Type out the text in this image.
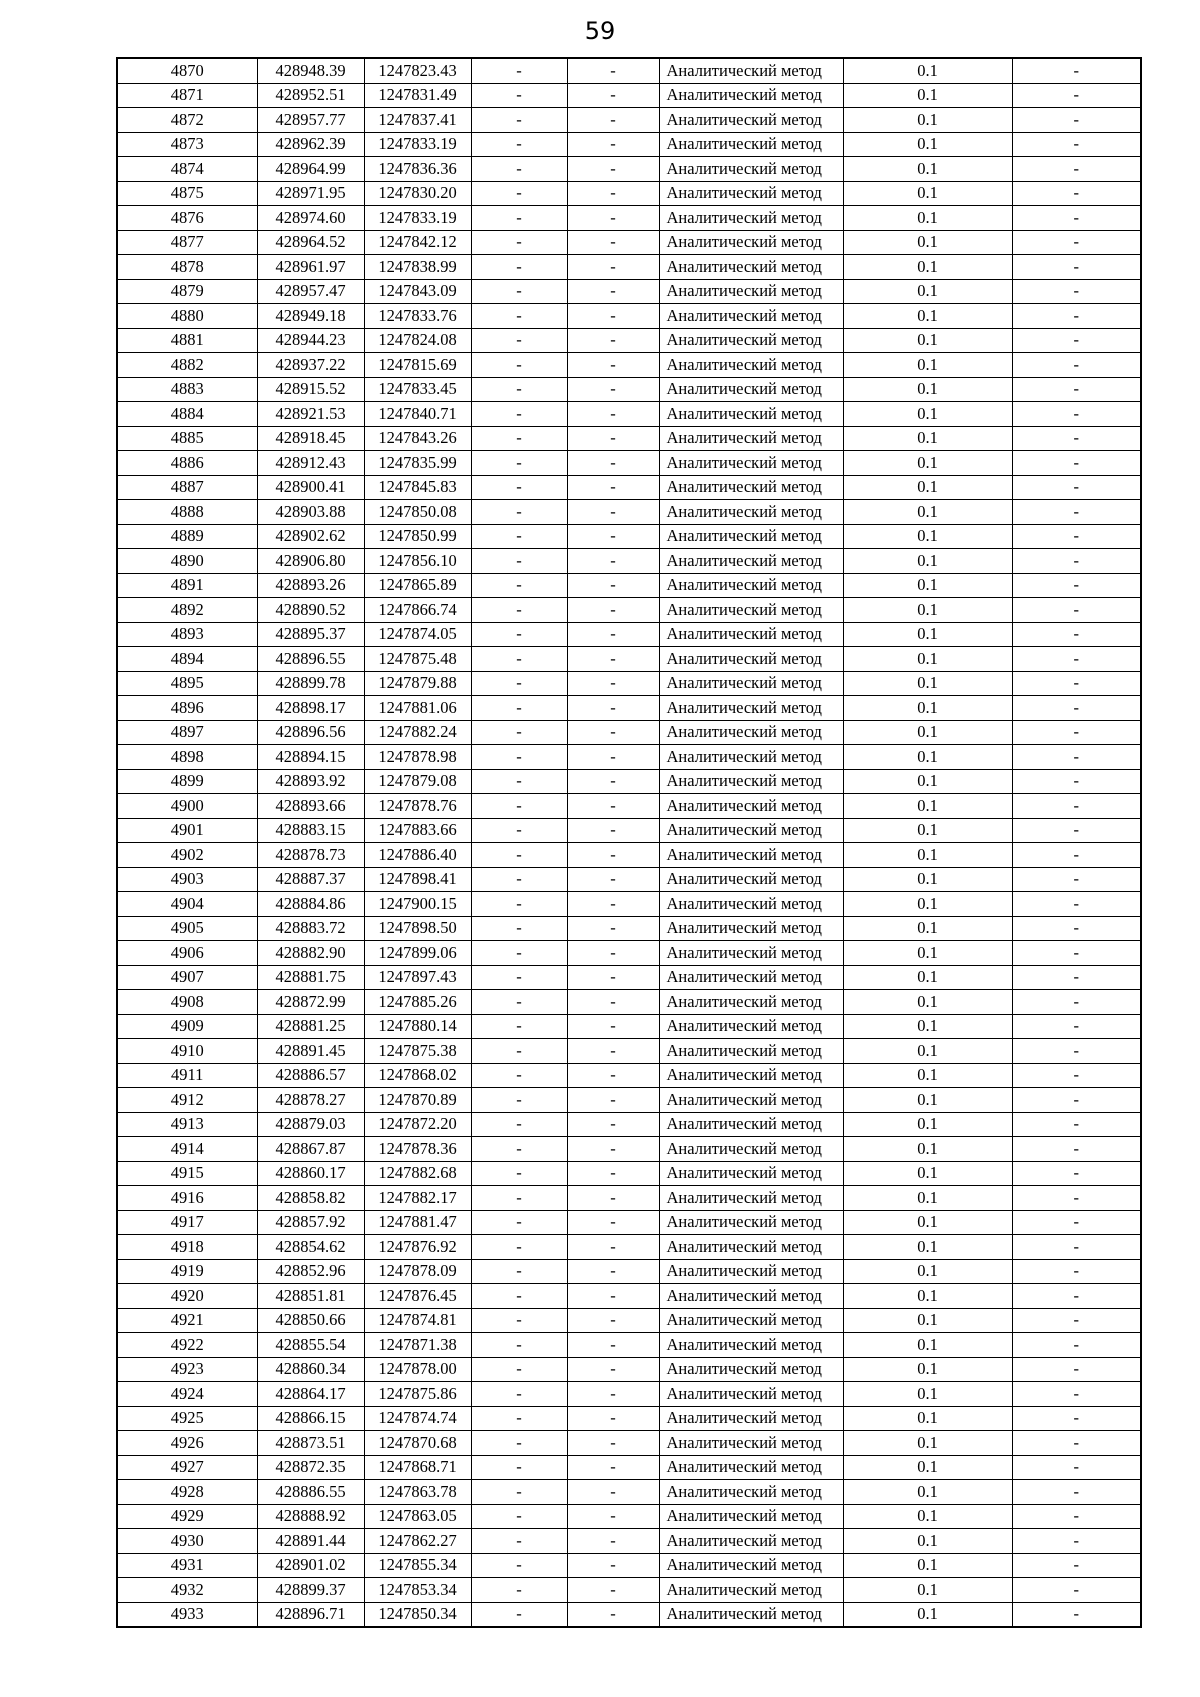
59
4870	428948.39	1247823.43	-	-	Аналитический метод	0.1	-
4871	428952.51	1247831.49	-	-	Аналитический метод	0.1	-
4872	428957.77	1247837.41	-	-	Аналитический метод	0.1	-
4873	428962.39	1247833.19	-	-	Аналитический метод	0.1	-
4874	428964.99	1247836.36	-	-	Аналитический метод	0.1	-
4875	428971.95	1247830.20	-	-	Аналитический метод	0.1	-
4876	428974.60	1247833.19	-	-	Аналитический метод	0.1	-
4877	428964.52	1247842.12	-	-	Аналитический метод	0.1	-
4878	428961.97	1247838.99	-	-	Аналитический метод	0.1	-
4879	428957.47	1247843.09	-	-	Аналитический метод	0.1	-
4880	428949.18	1247833.76	-	-	Аналитический метод	0.1	-
4881	428944.23	1247824.08	-	-	Аналитический метод	0.1	-
4882	428937.22	1247815.69	-	-	Аналитический метод	0.1	-
4883	428915.52	1247833.45	-	-	Аналитический метод	0.1	-
4884	428921.53	1247840.71	-	-	Аналитический метод	0.1	-
4885	428918.45	1247843.26	-	-	Аналитический метод	0.1	-
4886	428912.43	1247835.99	-	-	Аналитический метод	0.1	-
4887	428900.41	1247845.83	-	-	Аналитический метод	0.1	-
4888	428903.88	1247850.08	-	-	Аналитический метод	0.1	-
4889	428902.62	1247850.99	-	-	Аналитический метод	0.1	-
4890	428906.80	1247856.10	-	-	Аналитический метод	0.1	-
4891	428893.26	1247865.89	-	-	Аналитический метод	0.1	-
4892	428890.52	1247866.74	-	-	Аналитический метод	0.1	-
4893	428895.37	1247874.05	-	-	Аналитический метод	0.1	-
4894	428896.55	1247875.48	-	-	Аналитический метод	0.1	-
4895	428899.78	1247879.88	-	-	Аналитический метод	0.1	-
4896	428898.17	1247881.06	-	-	Аналитический метод	0.1	-
4897	428896.56	1247882.24	-	-	Аналитический метод	0.1	-
4898	428894.15	1247878.98	-	-	Аналитический метод	0.1	-
4899	428893.92	1247879.08	-	-	Аналитический метод	0.1	-
4900	428893.66	1247878.76	-	-	Аналитический метод	0.1	-
4901	428883.15	1247883.66	-	-	Аналитический метод	0.1	-
4902	428878.73	1247886.40	-	-	Аналитический метод	0.1	-
4903	428887.37	1247898.41	-	-	Аналитический метод	0.1	-
4904	428884.86	1247900.15	-	-	Аналитический метод	0.1	-
4905	428883.72	1247898.50	-	-	Аналитический метод	0.1	-
4906	428882.90	1247899.06	-	-	Аналитический метод	0.1	-
4907	428881.75	1247897.43	-	-	Аналитический метод	0.1	-
4908	428872.99	1247885.26	-	-	Аналитический метод	0.1	-
4909	428881.25	1247880.14	-	-	Аналитический метод	0.1	-
4910	428891.45	1247875.38	-	-	Аналитический метод	0.1	-
4911	428886.57	1247868.02	-	-	Аналитический метод	0.1	-
4912	428878.27	1247870.89	-	-	Аналитический метод	0.1	-
4913	428879.03	1247872.20	-	-	Аналитический метод	0.1	-
4914	428867.87	1247878.36	-	-	Аналитический метод	0.1	-
4915	428860.17	1247882.68	-	-	Аналитический метод	0.1	-
4916	428858.82	1247882.17	-	-	Аналитический метод	0.1	-
4917	428857.92	1247881.47	-	-	Аналитический метод	0.1	-
4918	428854.62	1247876.92	-	-	Аналитический метод	0.1	-
4919	428852.96	1247878.09	-	-	Аналитический метод	0.1	-
4920	428851.81	1247876.45	-	-	Аналитический метод	0.1	-
4921	428850.66	1247874.81	-	-	Аналитический метод	0.1	-
4922	428855.54	1247871.38	-	-	Аналитический метод	0.1	-
4923	428860.34	1247878.00	-	-	Аналитический метод	0.1	-
4924	428864.17	1247875.86	-	-	Аналитический метод	0.1	-
4925	428866.15	1247874.74	-	-	Аналитический метод	0.1	-
4926	428873.51	1247870.68	-	-	Аналитический метод	0.1	-
4927	428872.35	1247868.71	-	-	Аналитический метод	0.1	-
4928	428886.55	1247863.78	-	-	Аналитический метод	0.1	-
4929	428888.92	1247863.05	-	-	Аналитический метод	0.1	-
4930	428891.44	1247862.27	-	-	Аналитический метод	0.1	-
4931	428901.02	1247855.34	-	-	Аналитический метод	0.1	-
4932	428899.37	1247853.34	-	-	Аналитический метод	0.1	-
4933	428896.71	1247850.34	-	-	Аналитический метод	0.1	-
